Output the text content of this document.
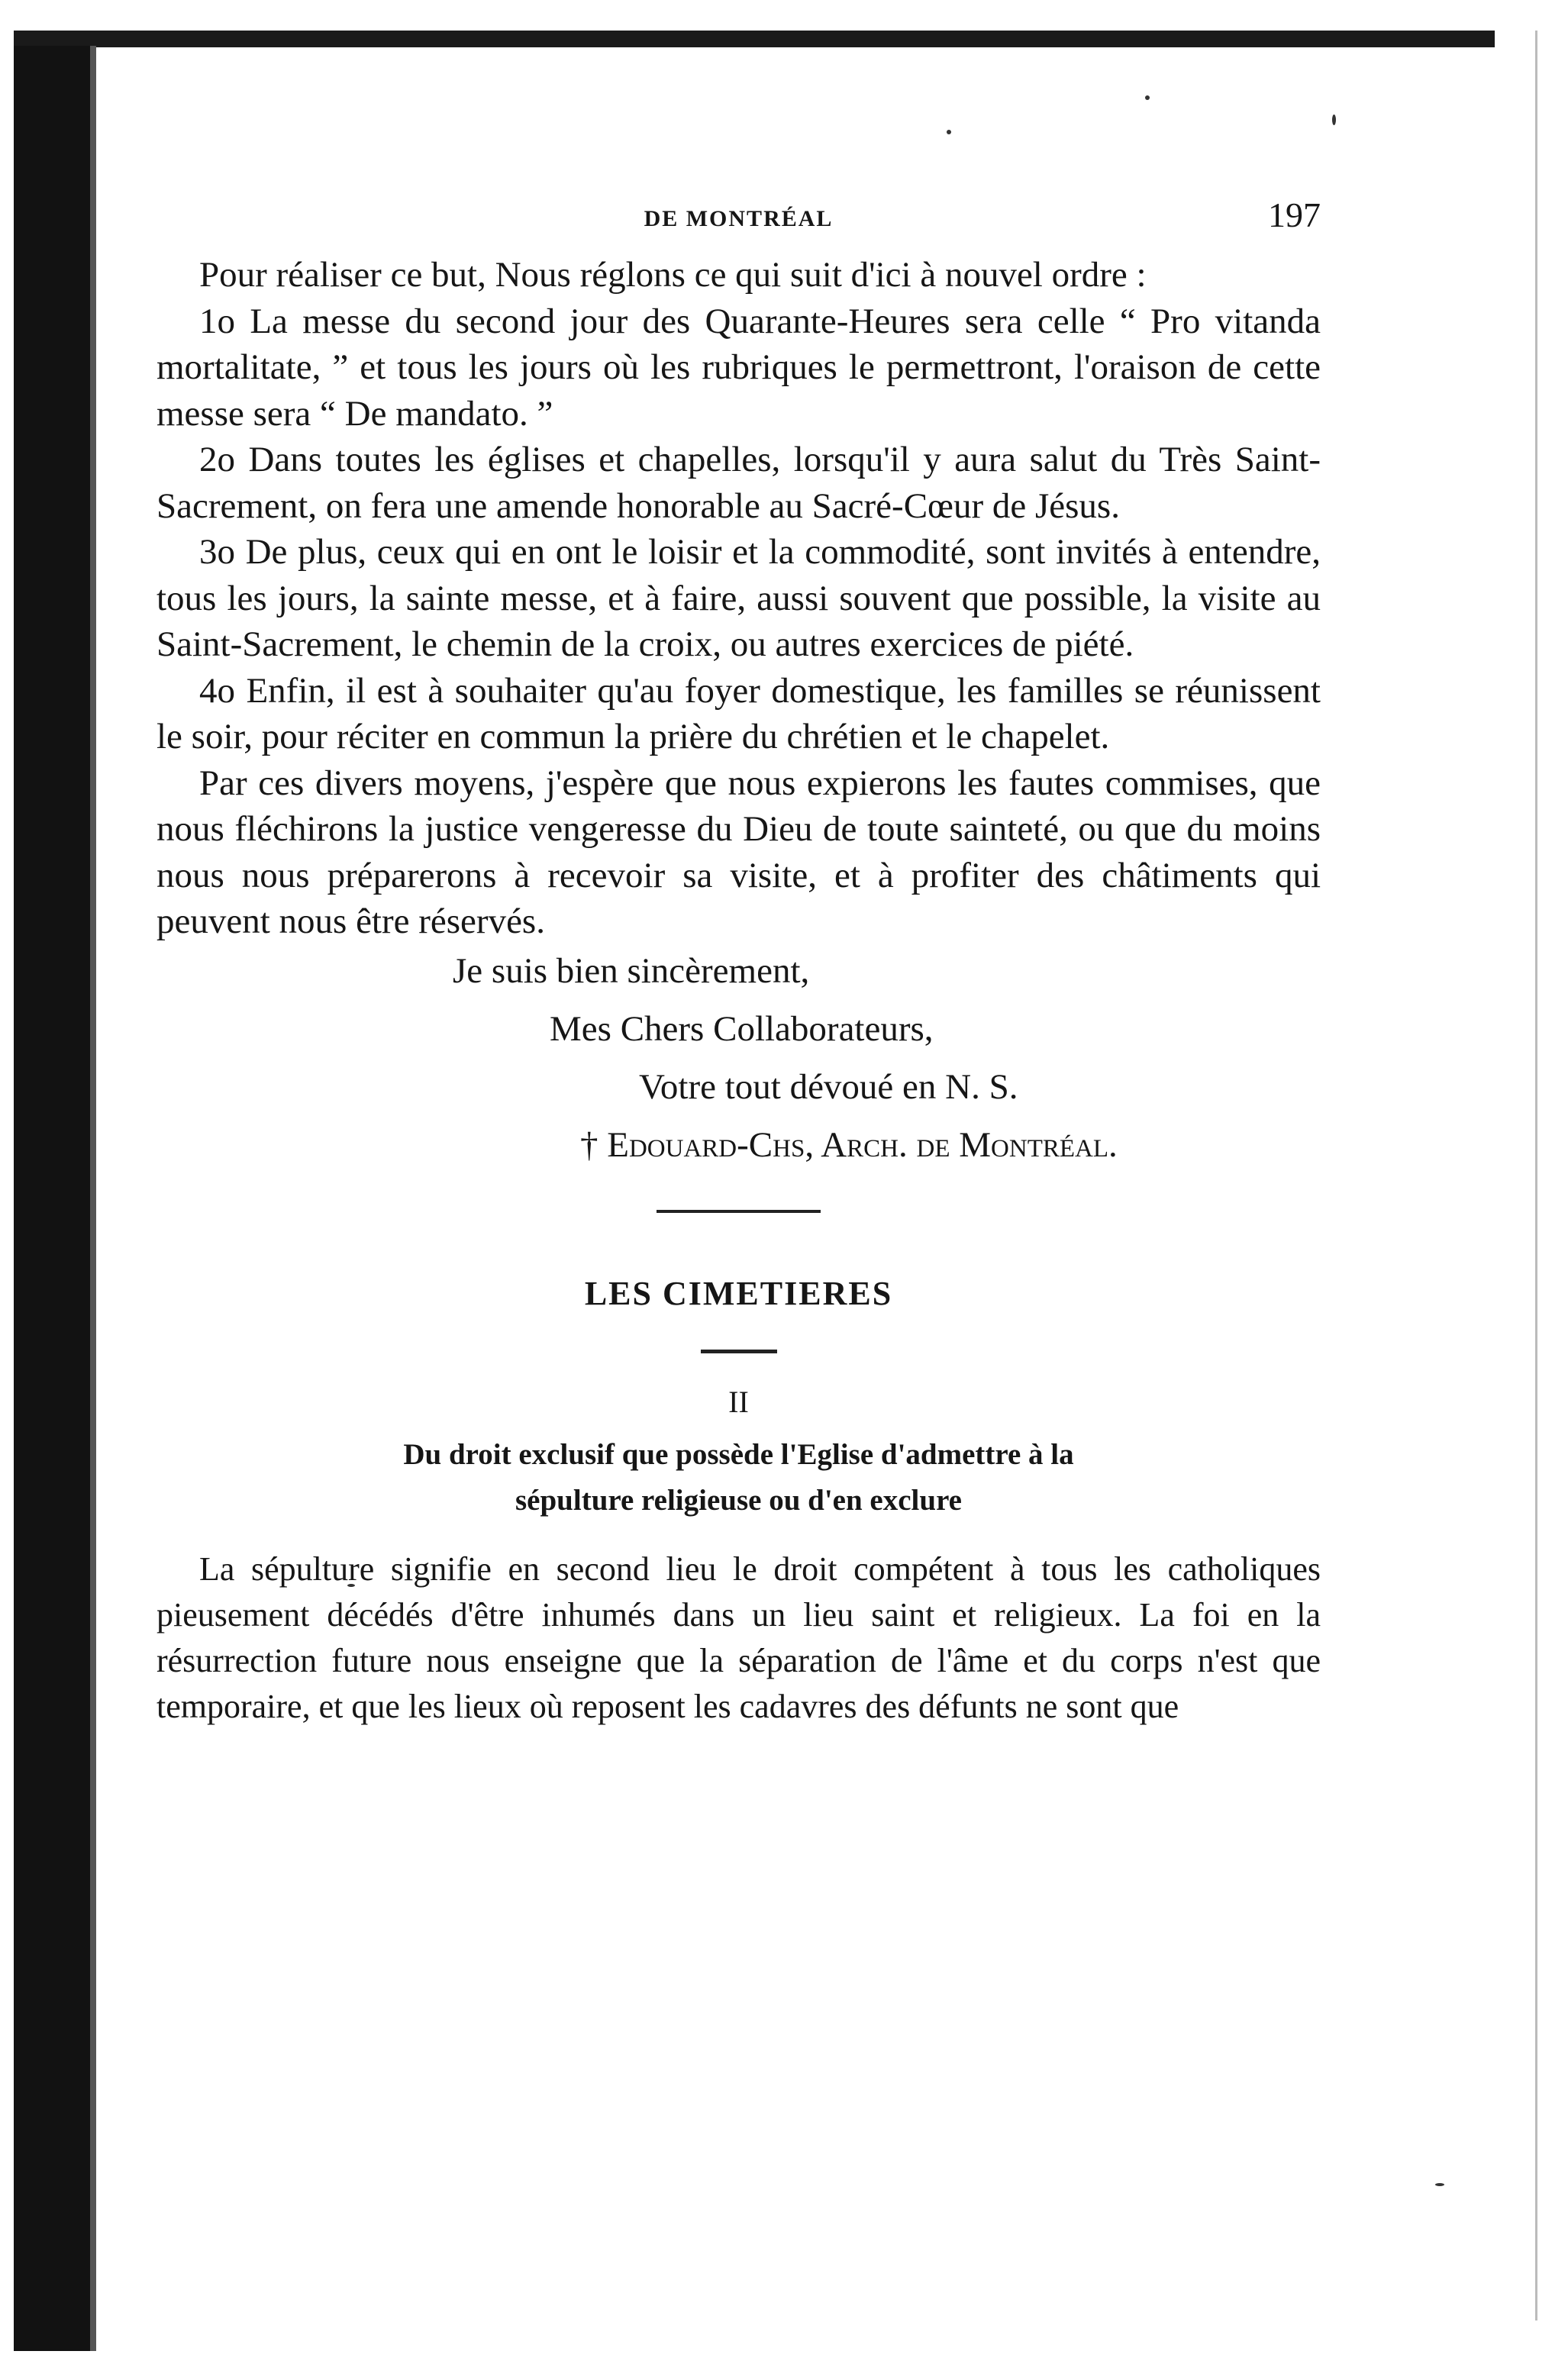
DE MONTRÉAL	197

Pour réaliser ce but, Nous réglons ce qui suit d'ici à nouvel ordre :

1o La messe du second jour des Quarante-Heures sera celle “ Pro vitanda mortalitate, ” et tous les jours où les rubriques le permettront, l'oraison de cette messe sera “ De mandato. ”

2o Dans toutes les églises et chapelles, lorsqu'il y aura salut du Très Saint-Sacrement, on fera une amende honorable au Sacré-Cœur de Jésus.

3o De plus, ceux qui en ont le loisir et la commodité, sont invités à entendre, tous les jours, la sainte messe, et à faire, aussi souvent que possible, la visite au Saint-Sacrement, le chemin de la croix, ou autres exercices de piété.

4o Enfin, il est à souhaiter qu'au foyer domestique, les familles se réunissent le soir, pour réciter en commun la prière du chrétien et le chapelet.

Par ces divers moyens, j'espère que nous expierons les fautes commises, que nous fléchirons la justice vengeresse du Dieu de toute sainteté, ou que du moins nous nous préparerons à recevoir sa visite, et à profiter des châtiments qui peuvent nous être réservés.

Je suis bien sincèrement,
Mes Chers Collaborateurs,
Votre tout dévoué en N. S.
† Edouard-Chs, Arch. de Montréal.
LES CIMETIERES
II
Du droit exclusif que possède l'Eglise d'admettre à la
sépulture religieuse ou d'en exclure

La sépulture signifie en second lieu le droit compétent à tous les catholiques pieusement décédés d'être inhumés dans un lieu saint et religieux. La foi en la résurrection future nous enseigne que la séparation de l'âme et du corps n'est que temporaire, et que les lieux où reposent les cadavres des défunts ne sont que
